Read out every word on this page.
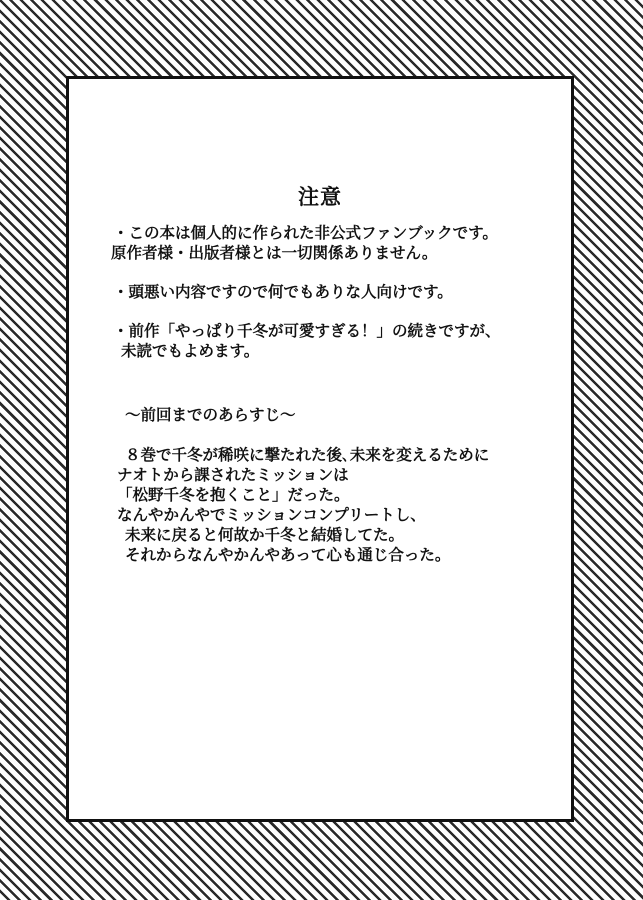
注意

・この本は個人的に作られた非公式ファンブックです。

原作者様・出版者様とは一切関係ありません。

・頭悪い内容ですので何でもありな人向けです。

・前作「やっぱり千冬が可愛すぎる！」の続きですが、

未読でもよめます。

〜前回までのあらすじ〜

８巻で千冬が稀咲に撃たれた後､未来を変えるために

ナオトから課されたミッションは

「松野千冬を抱くこと」だった。

なんやかんやでミッションコンプリートし、

未来に戻ると何故か千冬と結婚してた。

それからなんやかんやあって心も通じ合った。
